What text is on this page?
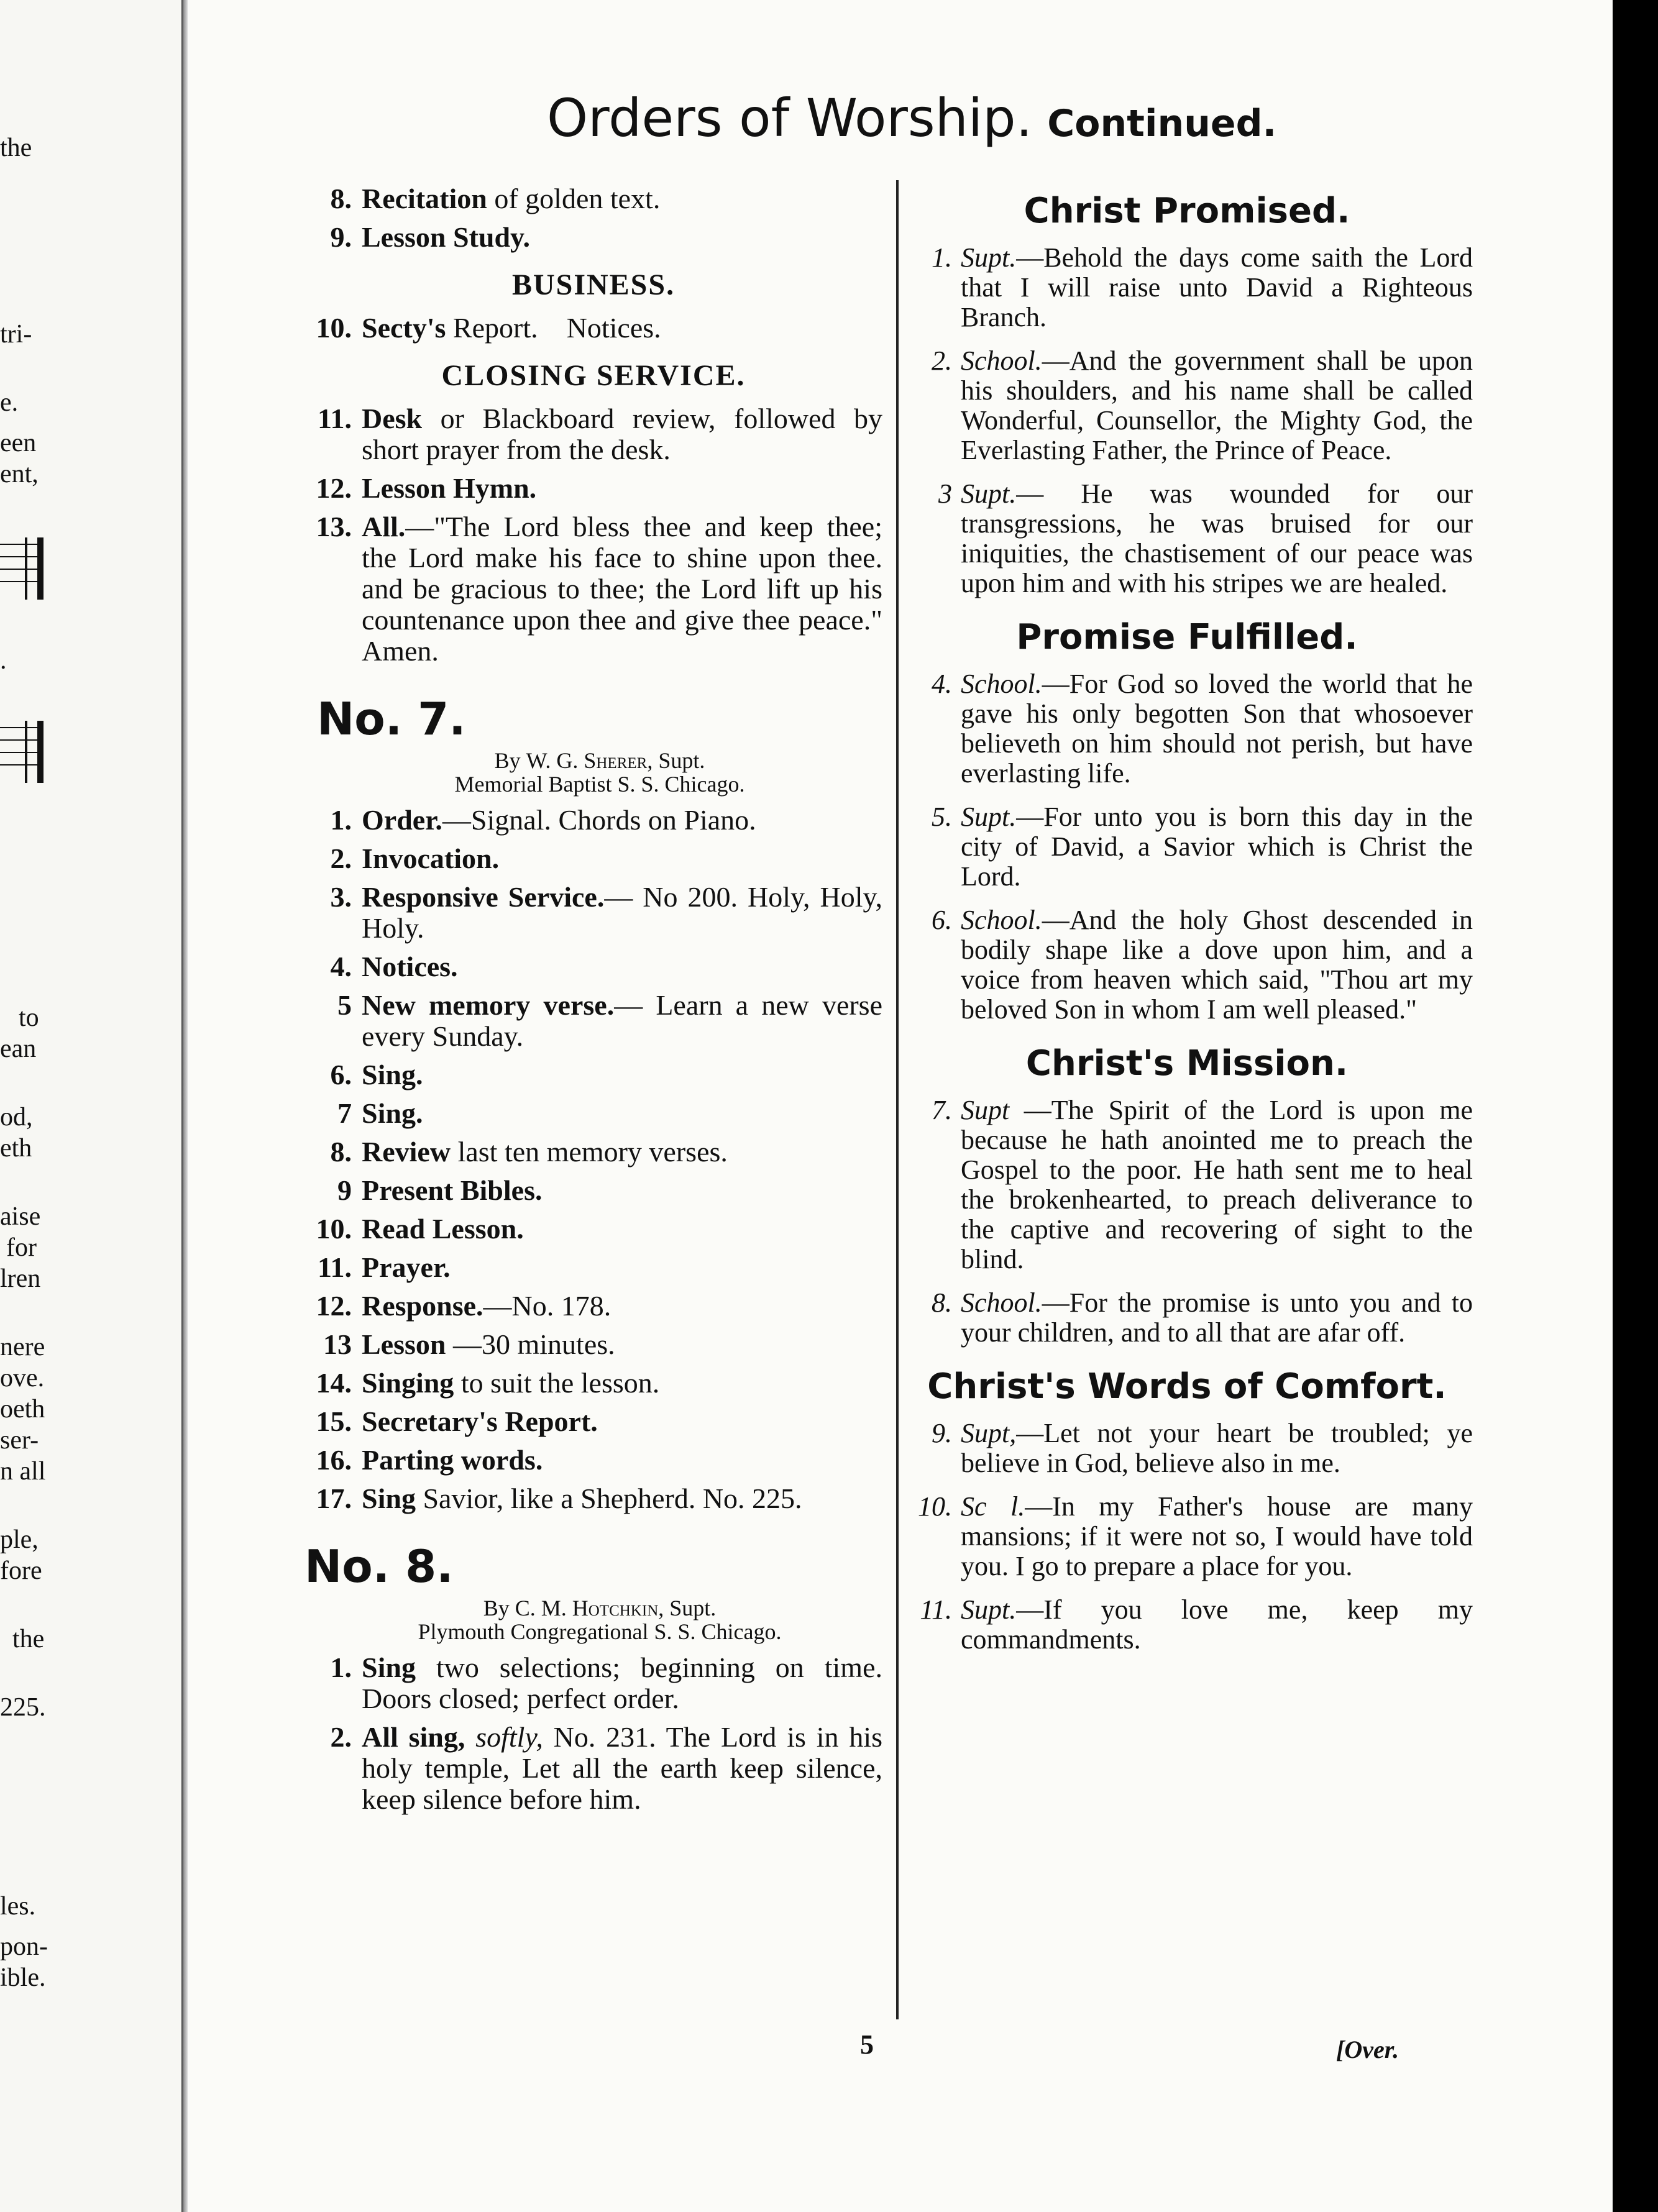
the
tri-
e.
een
ent,
.
to
ean
od,
eth
aise
for
lren
nere
ove.
oeth
ser-
n all
ple,
fore
the
225.
les.
pon-
ible.
Orders of Worship. Continued.
8. Recitation of golden text.
9. Lesson Study.
BUSINESS.
10. Secty's Report.    Notices.
CLOSING SERVICE.
11. Desk or Blackboard review, followed by short prayer from the desk.
12. Lesson Hymn.
13. All.—"The Lord bless thee and keep thee; the Lord make his face to shine upon thee. and be gracious to thee; the Lord lift up his countenance upon thee and give thee peace." Amen.
No. 7.
By W. G. Sherer, Supt.
Memorial Baptist S. S. Chicago.
1. Order.—Signal. Chords on Piano.
2. Invocation.
3. Responsive Service.— No 200. Holy, Holy, Holy.
4. Notices.
5 New memory verse.— Learn a new verse every Sunday.
6. Sing.
7 Sing.
8. Review last ten memory verses.
9 Present Bibles.
10. Read Lesson.
11. Prayer.
12. Response.—No. 178.
13 Lesson —30 minutes.
14. Singing to suit the lesson.
15. Secretary's Report.
16. Parting words.
17. Sing Savior, like a Shepherd. No. 225.
No. 8.
By C. M. Hotchkin, Supt.
Plymouth Congregational S. S. Chicago.
1. Sing two selections; beginning on time. Doors closed; perfect order.
2. All sing, softly, No. 231. The Lord is in his holy temple, Let all the earth keep silence, keep silence before him.
Christ Promised.
1. Supt.—Behold the days come saith the Lord that I will raise unto David a Righteous Branch.
2. School.—And the government shall be upon his shoulders, and his name shall be called Wonderful, Counsellor, the Mighty God, the Everlasting Father, the Prince of Peace.
3 Supt.— He was wounded for our transgressions, he was bruised for our iniquities, the chastisement of our peace was upon him and with his stripes we are healed.
Promise Fulfilled.
4. School.—For God so loved the world that he gave his only begotten Son that whosoever believeth on him should not perish, but have everlasting life.
5. Supt.—For unto you is born this day in the city of David, a Savior which is Christ the Lord.
6. School.—And the holy Ghost descended in bodily shape like a dove upon him, and a voice from heaven which said, "Thou art my beloved Son in whom I am well pleased."
Christ's Mission.
7. Supt —The Spirit of the Lord is upon me because he hath anointed me to preach the Gospel to the poor. He hath sent me to heal the brokenhearted, to preach deliverance to the captive and recovering of sight to the blind.
8. School.—For the promise is unto you and to your children, and to all that are afar off.
Christ's Words of Comfort.
9. Supt,—Let not your heart be troubled; ye believe in God, believe also in me.
10. Sc l.—In my Father's house are many mansions; if it were not so, I would have told you. I go to prepare a place for you.
11. Supt.—If you love me, keep my commandments.
5	[Over.
